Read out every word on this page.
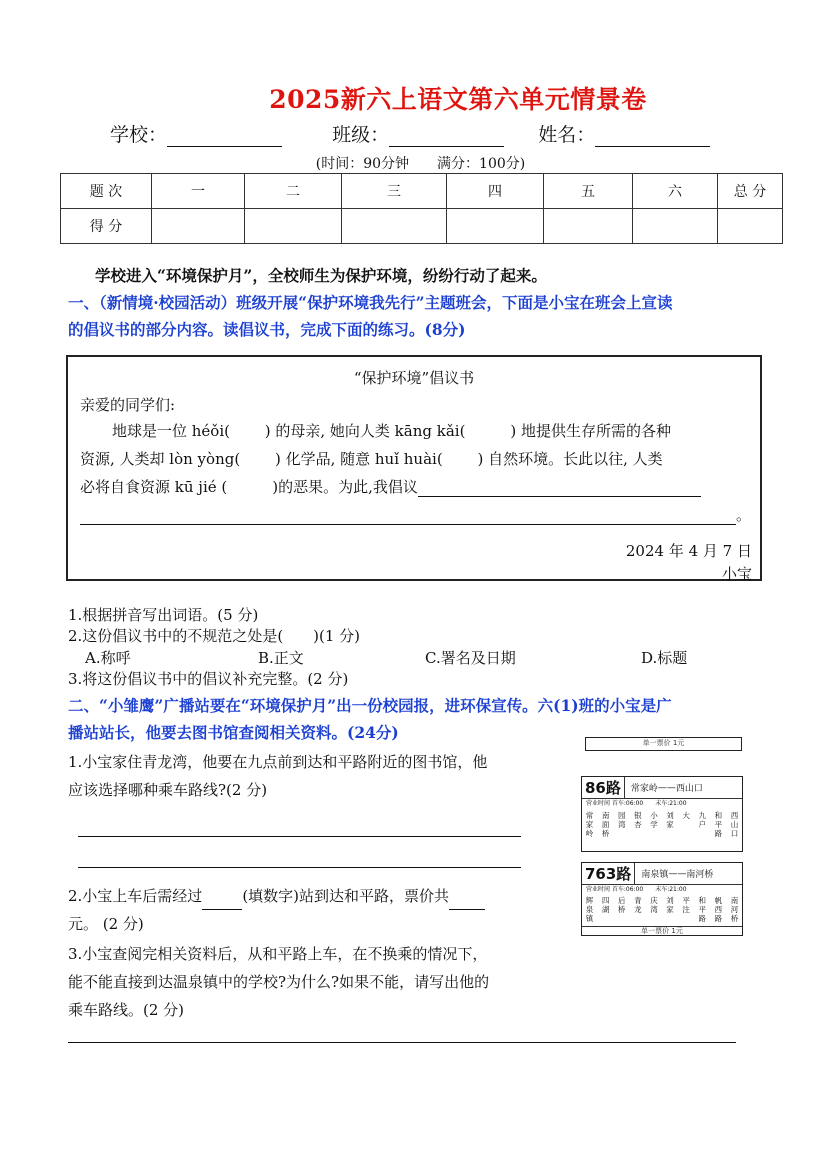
2025新六上语文第六单元情景卷
学校：	班级：	姓名：
(时间：90分钟　　满分：100分)
题 次	一	二	三	四	五	六	总 分
得 分							
学校进入“环境保护月”，全校师生为保护环境，纷纷行动了起来。
一、（新情境·校园活动）班级开展“保护环境我先行”主题班会，下面是小宝在班会上宣读
的倡议书的部分内容。读倡议书，完成下面的练习。(8分)
“保护环境”倡议书
亲爱的同学们:
地球是一位 héǒi(　　 ) 的母亲, 她向人类 kāng kǎi(　　　) 地提供生存所需的各种
资源, 人类却 lòn yòng(　　 ) 化学品, 随意 huǐ huài(　　 ) 自然环境。长此以往, 人类
必将自食资源 kū jié (　　　)的恶果。为此,我倡议
。
2024 年 4 月 7 日
小宝
1.根据拼音写出词语。(5 分)
2.这份倡议书中的不规范之处是(　　)(1 分)
A.称呼	B.正文	C.署名及日期	D.标题
3.将这份倡议书中的倡议补充完整。(2 分)
二、“小雏鹰”广播站要在“环境保护月”出一份校园报，进环保宣传。六(1)班的小宝是广
播站站长，他要去图书馆查阅相关资料。(24分)
1.小宝家住青龙湾，他要在九点前到达和平路附近的图书馆，他
应该选择哪种乘车路线?(2 分)
2.小宝上车后需经过	(填数字)站到达和平路，票价共
元。 (2 分)
3.小宝查阅完相关资料后，从和平路上车，在不换乘的情况下，
能不能直接到达温泉镇中的学校?为什么?如果不能，请写出他的
乘车路线。(2 分)
单一票价 1元
86路	常家岭 —— 西山口
营业时间 首车:06:00　　末车:21:00
常家岭
南面桥
园湾
银杏
小学
刘家
大 九户
和平路
西山口
763路	南泉镇 —— 南河桥
营业时间 首车:06:00　　末车:21:00
辉泉镇
四湖
后桥
青龙
庆湾
刘家
平注
和平路
帆西路
南河桥
单一票价 1元
